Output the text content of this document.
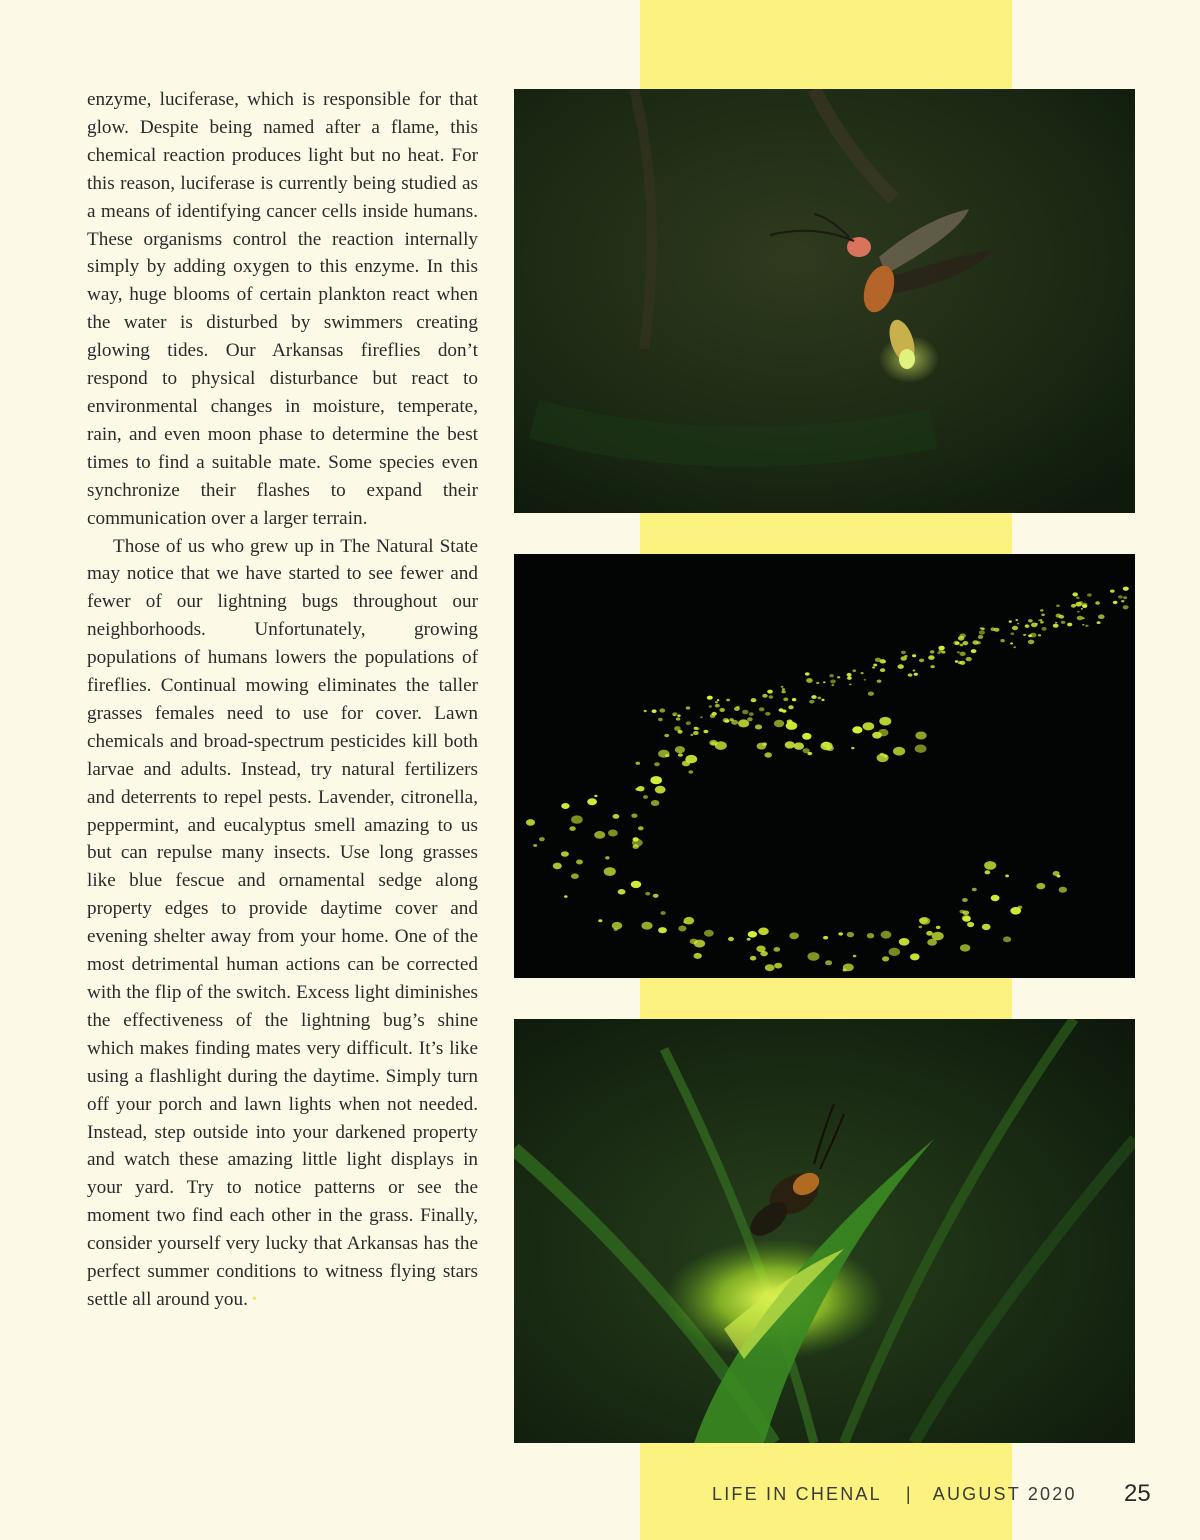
enzyme, luciferase, which is responsible for that glow. Despite being named after a flame, this chemical reaction produces light but no heat. For this reason, luciferase is currently being studied as a means of identifying cancer cells inside humans. These organisms control the reaction internally simply by adding oxygen to this enzyme. In this way, huge blooms of certain plankton react when the water is disturbed by swimmers creating glowing tides. Our Arkansas fireflies don’t respond to physical disturbance but react to environmental changes in moisture, temperate, rain, and even moon phase to determine the best times to find a suitable mate. Some species even synchronize their flashes to expand their communication over a larger terrain.

Those of us who grew up in The Natural State may notice that we have started to see fewer and fewer of our lightning bugs throughout our neighborhoods. Unfortunately, growing populations of humans lowers the populations of fireflies. Continual mowing eliminates the taller grasses females need to use for cover. Lawn chemicals and broad-spectrum pesticides kill both larvae and adults. Instead, try natural fertilizers and deterrents to repel pests. Lavender, citronella, peppermint, and eucalyptus smell amazing to us but can repulse many insects. Use long grasses like blue fescue and ornamental sedge along property edges to provide daytime cover and evening shelter away from your home. One of the most detrimental human actions can be corrected with the flip of the switch. Excess light diminishes the effectiveness of the lightning bug’s shine which makes finding mates very difficult. It’s like using a flashlight during the daytime. Simply turn off your porch and lawn lights when not needed. Instead, step outside into your darkened property and watch these amazing little light displays in your yard. Try to notice patterns or see the moment two find each other in the grass. Finally, consider yourself very lucky that Arkansas has the perfect summer conditions to witness flying stars settle all around you. •

LIFE IN CHENAL | AUGUST 2020 25
